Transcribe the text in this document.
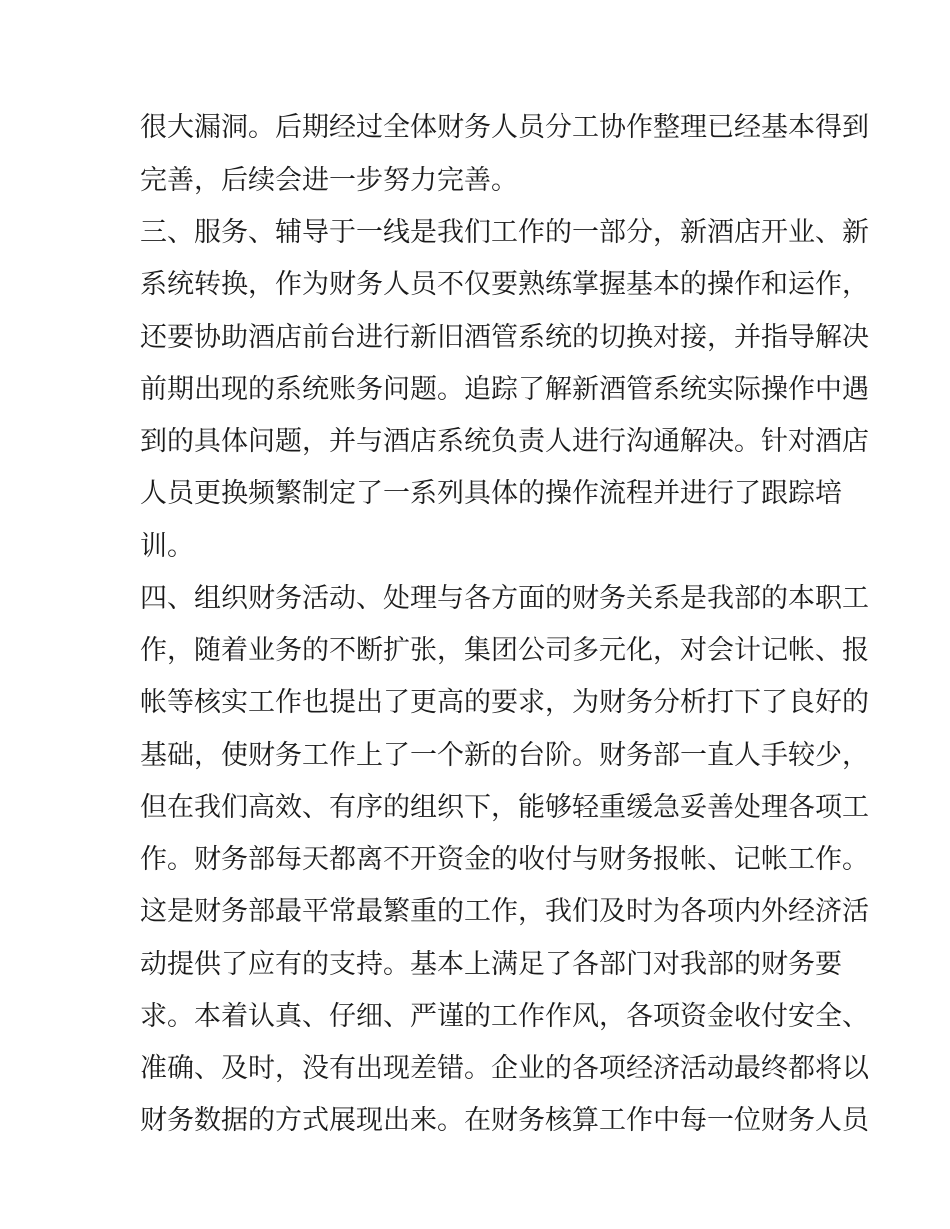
很大漏洞。后期经过全体财务人员分工协作整理已经基本得到
完善，后续会进一步努力完善。
三、服务、辅导于一线是我们工作的一部分，新酒店开业、新
系统转换，作为财务人员不仅要熟练掌握基本的操作和运作，
还要协助酒店前台进行新旧酒管系统的切换对接，并指导解决
前期出现的系统账务问题。追踪了解新酒管系统实际操作中遇
到的具体问题，并与酒店系统负责人进行沟通解决。针对酒店
人员更换频繁制定了一系列具体的操作流程并进行了跟踪培
训。
四、组织财务活动、处理与各方面的财务关系是我部的本职工
作，随着业务的不断扩张，集团公司多元化，对会计记帐、报
帐等核实工作也提出了更高的要求，为财务分析打下了良好的
基础，使财务工作上了一个新的台阶。财务部一直人手较少，
但在我们高效、有序的组织下，能够轻重缓急妥善处理各项工
作。财务部每天都离不开资金的收付与财务报帐、记帐工作。
这是财务部最平常最繁重的工作，我们及时为各项内外经济活
动提供了应有的支持。基本上满足了各部门对我部的财务要
求。本着认真、仔细、严谨的工作作风，各项资金收付安全、
准确、及时，没有出现差错。企业的各项经济活动最终都将以
财务数据的方式展现出来。在财务核算工作中每一位财务人员
